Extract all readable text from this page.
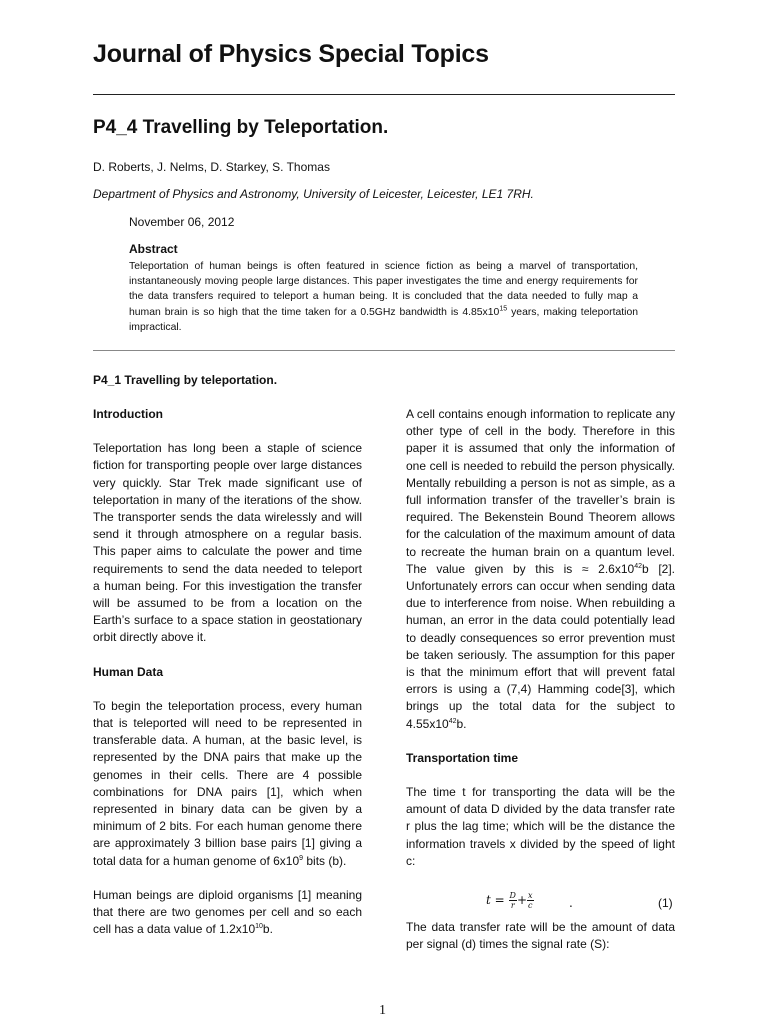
Journal of Physics Special Topics
P4_4 Travelling by Teleportation.
D. Roberts, J. Nelms, D. Starkey, S. Thomas
Department of Physics and Astronomy, University of Leicester, Leicester, LE1 7RH.
November 06, 2012
Abstract
Teleportation of human beings is often featured in science fiction as being a marvel of transportation, instantaneously moving people large distances. This paper investigates the time and energy requirements for the data transfers required to teleport a human being. It is concluded that the data needed to fully map a human brain is so high that the time taken for a 0.5GHz bandwidth is $4.85x10^{15}$ years, making teleportation impractical.
P4_1 Travelling by teleportation.
Introduction

Teleportation has long been a staple of science fiction for transporting people over large distances very quickly. Star Trek made significant use of teleportation in many of the iterations of the show. The transporter sends the data wirelessly and will send it through atmosphere on a regular basis. This paper aims to calculate the power and time requirements to send the data needed to teleport a human being. For this investigation the transfer will be assumed to be from a location on the Earth’s surface to a space station in geostationary orbit directly above it.

Human Data

To begin the teleportation process, every human that is teleported will need to be represented in transferable data. A human, at the basic level, is represented by the DNA pairs that make up the genomes in their cells. There are 4 possible combinations for DNA pairs [1], which when represented in binary data can be given by a minimum of 2 bits. For each human genome there are approximately 3 billion base pairs [1] giving a total data for a human genome of $6x10^9$ bits (b).

Human beings are diploid organisms [1] meaning that there are two genomes per cell and so each cell has a data value of $1.2x10^{10}b$.

A cell contains enough information to replicate any other type of cell in the body. Therefore in this paper it is assumed that only the information of one cell is needed to rebuild the person physically. Mentally rebuilding a person is not as simple, as a full information transfer of the traveller’s brain is required. The Bekenstein Bound Theorem allows for the calculation of the maximum amount of data to recreate the human brain on a quantum level. The value given by this is ≈ $2.6x10^{42}b$ [2]. Unfortunately errors can occur when sending data due to interference from noise. When rebuilding a human, an error in the data could potentially lead to deadly consequences so error prevention must be taken seriously. The assumption for this paper is that the minimum effort that will prevent fatal errors is using a (7,4) Hamming code[3], which brings up the total data for the subject to $4.55x10^{42}b$.

Transportation time

The time t for transporting the data will be the amount of data D divided by the data transfer rate r plus the lag time; which will be the distance the information travels x divided by the speed of light c:

$t = \frac{D}{r} + \frac{x}{c}$	.	(1)

The data transfer rate will be the amount of data per signal (d) times the signal rate (S):

1
